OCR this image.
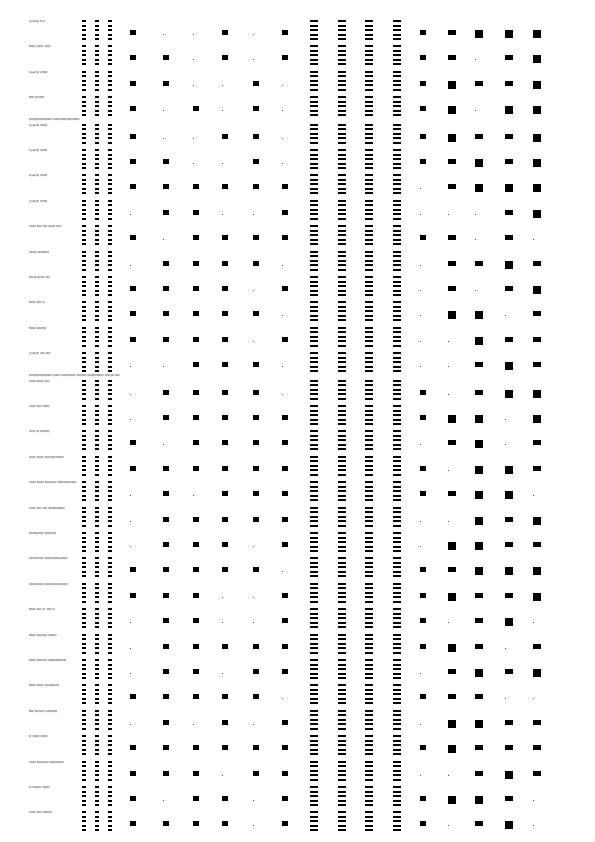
Cys(Q) 0.3
MQ2 (QQ, QQ)
Cys(Q) QQQ
MQ QQQQ
QQQQQQQQQQ QQQQQQQQQQQ
Cys(Q) QQQ
Cys(Q) QQQ
Cys(Q) QQQ
Cys(Q) QQQ
CQQ QQ QQ QQQ QQ
QQQ QQQQQ
QQQ QQQ QQ
MQ2 QQ Q
MQ2 QQQQ
Cys(Q) QQ QQ
QQQQQQQQQQ QQQ QQQQQQ QQQQ QQQQQQQ QQQQ QQ
CQQ QQQ QQ
CQQ QQ QQQ
CQQ Q QQQQ
CQQ QQQ QQQQQQQQ
CQQ QQQ QQQQQ QQQQQQQQ
CQQ QQ QQ QQQQQQQ
QQQQQQ QQQQQ
QQQQQQ QQQQQQQQQQ
QQQQQQ QQQQQQQQQQ
MQ2 QQ Q, QQ Q
MQ2 QQQQ QQQQ
MQ2 QQQQ QQQQQQQQ
MQ2 QQQ QQQQQQ
MQ QQQQ QQQQQ
Q QQQ QQQ
CQQ QQQQQ QQQQQQ
Q QQQQ QQQ
CQQ QQ QQQQ
